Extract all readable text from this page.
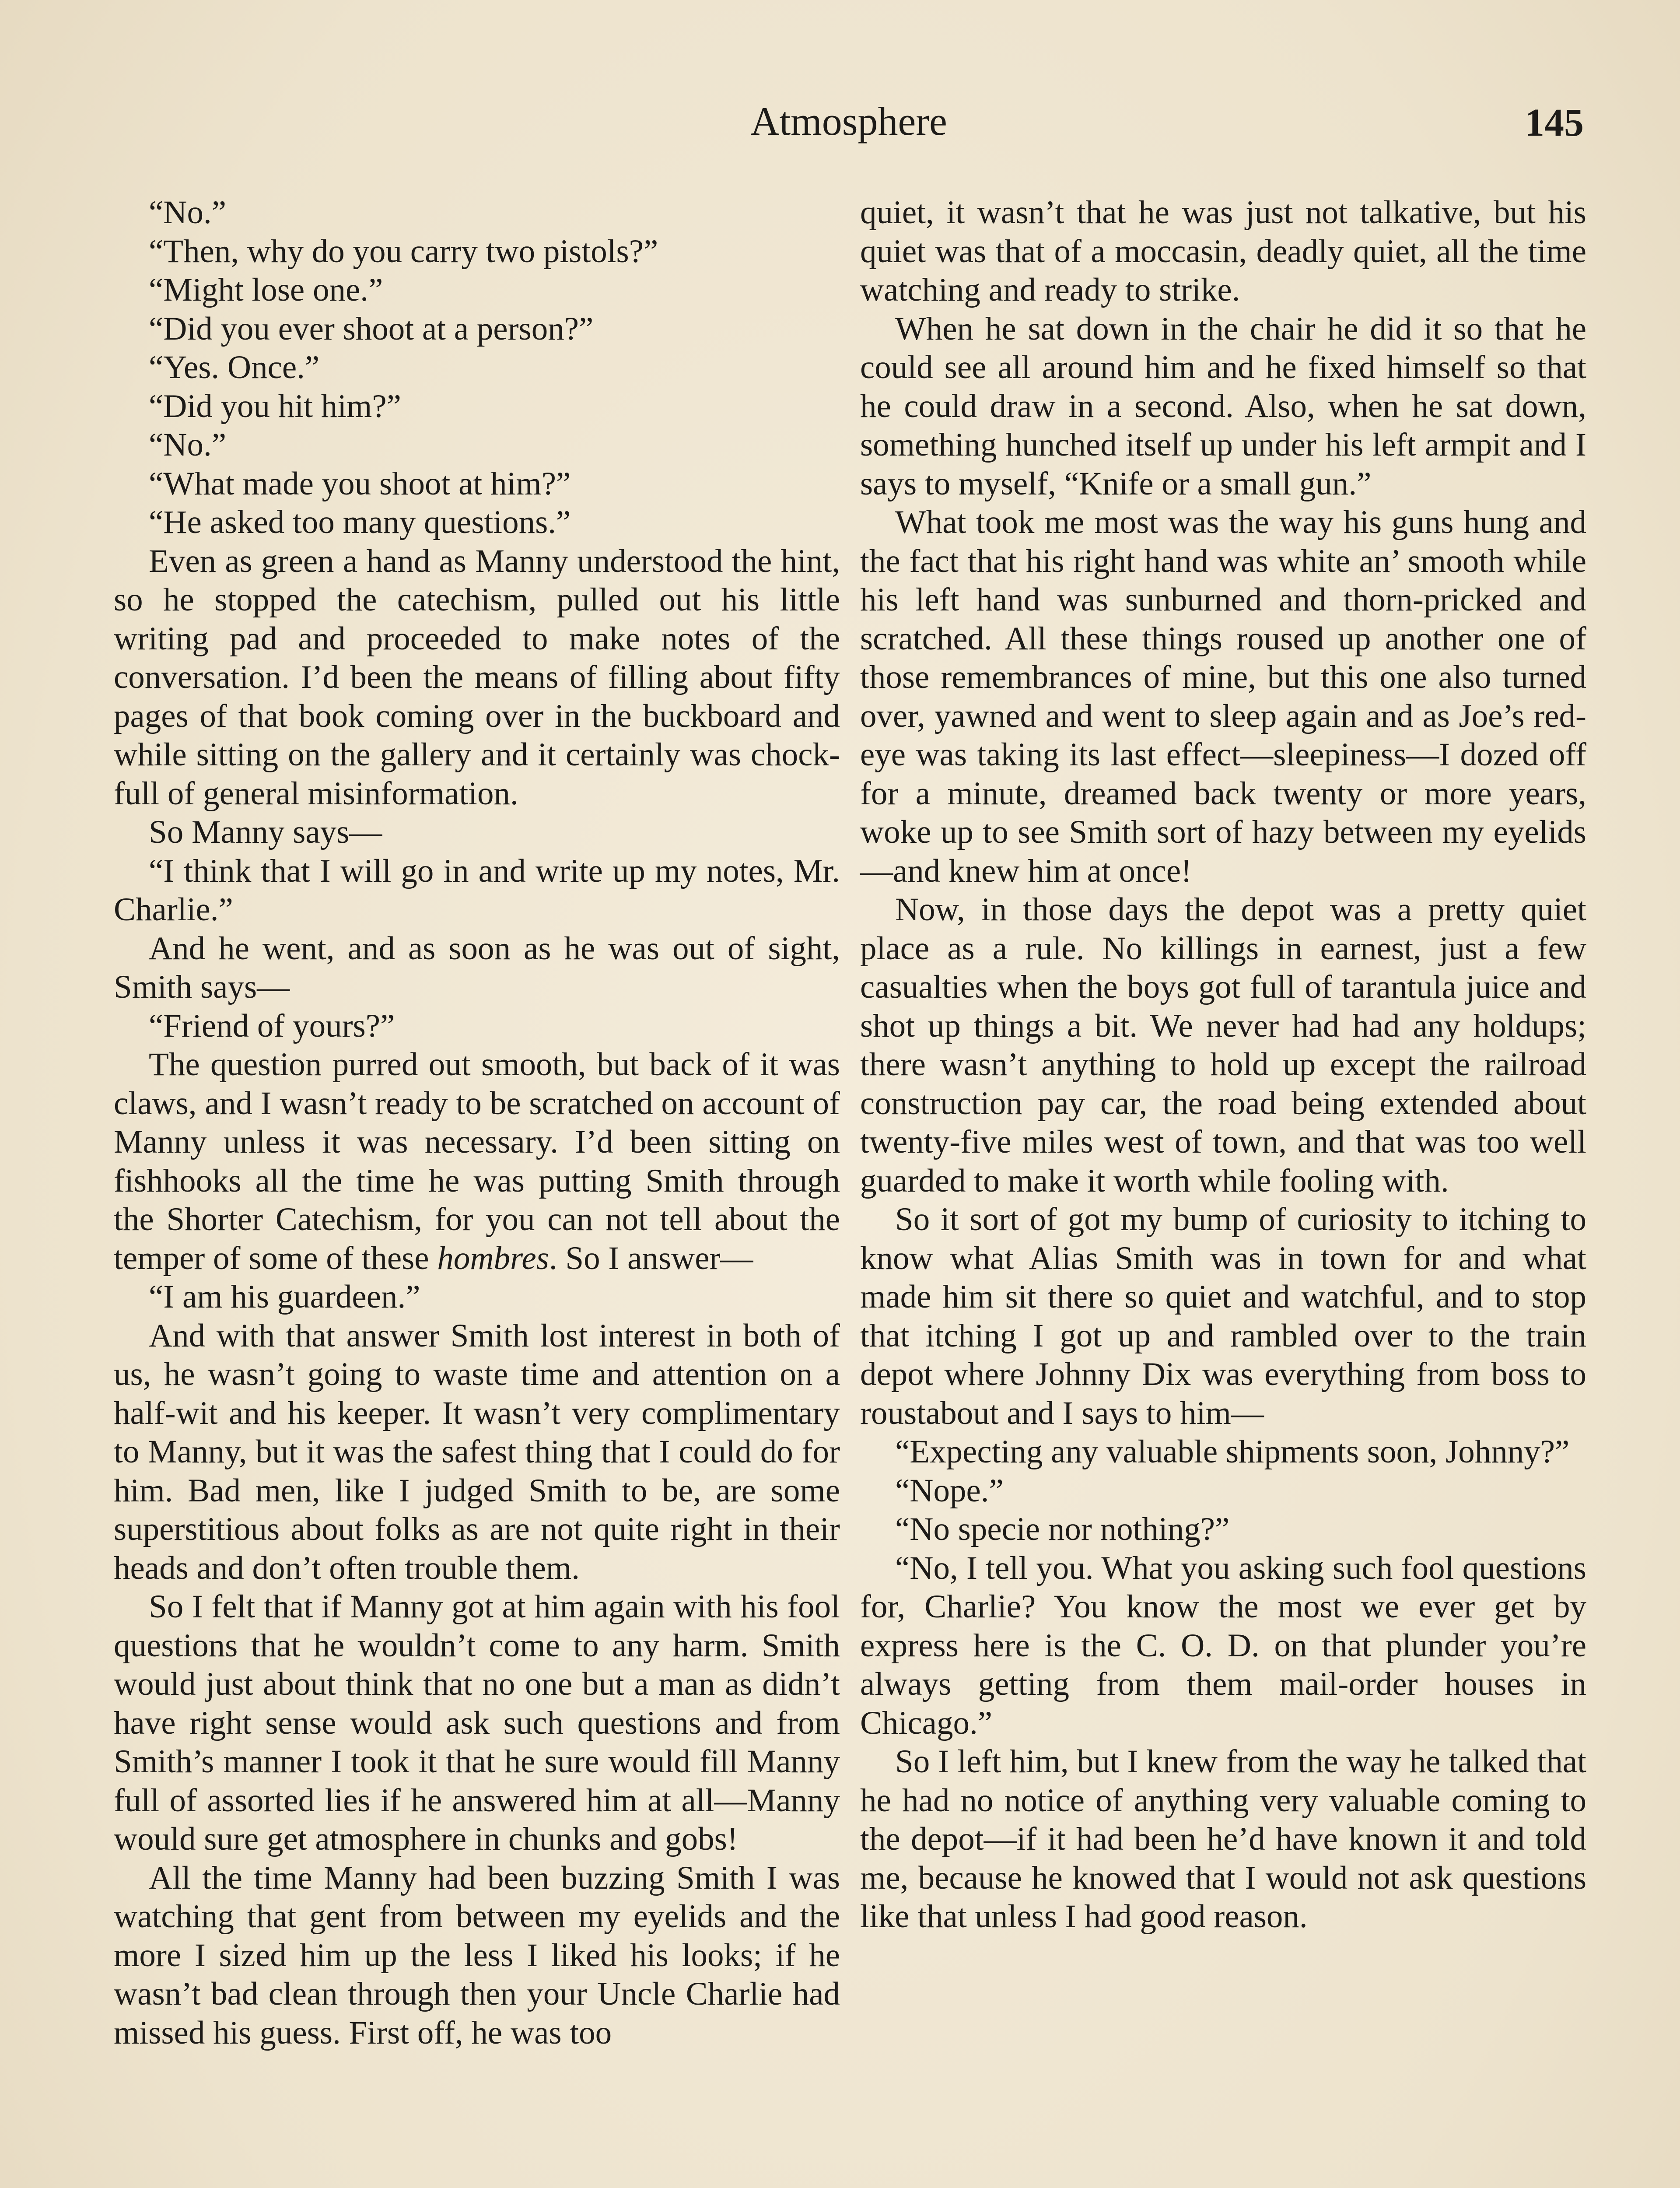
Atmosphere	145

“No.”

“Then, why do you carry two pistols?”

“Might lose one.”

“Did you ever shoot at a person?”

“Yes. Once.”

“Did you hit him?”

“No.”

“What made you shoot at him?”

“He asked too many questions.”

Even as green a hand as Manny understood the hint, so he stopped the catechism, pulled out his little writing pad and proceeded to make notes of the conversation. I’d been the means of filling about fifty pages of that book coming over in the buckboard and while sitting on the gallery and it certainly was chock-full of general misinformation.

So Manny says—

“I think that I will go in and write up my notes, Mr. Charlie.”

And he went, and as soon as he was out of sight, Smith says—

“Friend of yours?”

The question purred out smooth, but back of it was claws, and I wasn’t ready to be scratched on account of Manny unless it was necessary. I’d been sitting on fishhooks all the time he was putting Smith through the Shorter Catechism, for you can not tell about the temper of some of these hombres. So I answer—

“I am his guardeen.”

And with that answer Smith lost interest in both of us, he wasn’t going to waste time and attention on a half-wit and his keeper. It wasn’t very complimentary to Manny, but it was the safest thing that I could do for him. Bad men, like I judged Smith to be, are some superstitious about folks as are not quite right in their heads and don’t often trouble them.

So I felt that if Manny got at him again with his fool questions that he wouldn’t come to any harm. Smith would just about think that no one but a man as didn’t have right sense would ask such questions and from Smith’s manner I took it that he sure would fill Manny full of assorted lies if he answered him at all—Manny would sure get atmosphere in chunks and gobs!

All the time Manny had been buzzing Smith I was watching that gent from between my eyelids and the more I sized him up the less I liked his looks; if he wasn’t bad clean through then your Uncle Charlie had missed his guess. First off, he was too

quiet, it wasn’t that he was just not talkative, but his quiet was that of a moccasin, deadly quiet, all the time watching and ready to strike.

When he sat down in the chair he did it so that he could see all around him and he fixed himself so that he could draw in a second. Also, when he sat down, something hunched itself up under his left armpit and I says to myself, “Knife or a small gun.”

What took me most was the way his guns hung and the fact that his right hand was white an’ smooth while his left hand was sunburned and thorn-pricked and scratched. All these things roused up another one of those remembrances of mine, but this one also turned over, yawned and went to sleep again and as Joe’s red-eye was taking its last effect—sleepiness—I dozed off for a minute, dreamed back twenty or more years, woke up to see Smith sort of hazy between my eyelids—and knew him at once!

Now, in those days the depot was a pretty quiet place as a rule. No killings in earnest, just a few casualties when the boys got full of tarantula juice and shot up things a bit. We never had had any holdups; there wasn’t anything to hold up except the railroad construction pay car, the road being extended about twenty-five miles west of town, and that was too well guarded to make it worth while fooling with.

So it sort of got my bump of curiosity to itching to know what Alias Smith was in town for and what made him sit there so quiet and watchful, and to stop that itching I got up and rambled over to the train depot where Johnny Dix was everything from boss to roustabout and I says to him—

“Expecting any valuable shipments soon, Johnny?”

“Nope.”

“No specie nor nothing?”

“No, I tell you. What you asking such fool questions for, Charlie? You know the most we ever get by express here is the C. O. D. on that plunder you’re always getting from them mail-order houses in Chicago.”

So I left him, but I knew from the way he talked that he had no notice of anything very valuable coming to the depot—if it had been he’d have known it and told me, because he knowed that I would not ask questions like that unless I had good reason.
